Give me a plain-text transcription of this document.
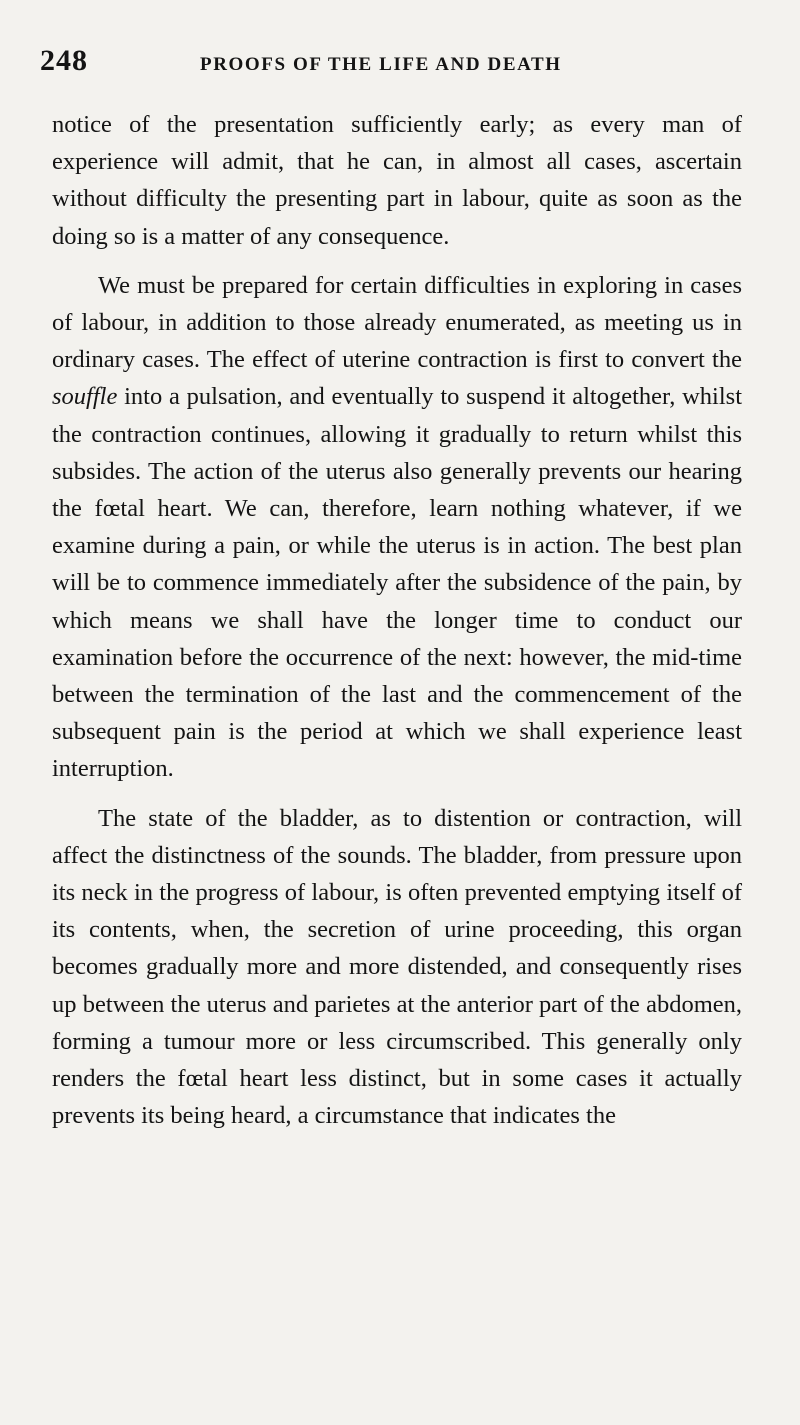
248	PROOFS OF THE LIFE AND DEATH

notice of the presentation sufficiently early; as every man of experience will admit, that he can, in almost all cases, ascertain without difficulty the presenting part in labour, quite as soon as the doing so is a matter of any consequence.

We must be prepared for certain difficulties in exploring in cases of labour, in addition to those already enumerated, as meeting us in ordinary cases. The effect of uterine contraction is first to convert the souffle into a pulsation, and eventually to suspend it altogether, whilst the contraction continues, allowing it gradually to return whilst this subsides. The action of the uterus also generally prevents our hearing the fœtal heart. We can, therefore, learn nothing whatever, if we examine during a pain, or while the uterus is in action. The best plan will be to commence immediately after the subsidence of the pain, by which means we shall have the longer time to conduct our examination before the occurrence of the next: however, the mid-time between the termination of the last and the commencement of the subsequent pain is the period at which we shall experience least interruption.

The state of the bladder, as to distention or contraction, will affect the distinctness of the sounds. The bladder, from pressure upon its neck in the progress of labour, is often prevented emptying itself of its contents, when, the secretion of urine proceeding, this organ becomes gradually more and more distended, and consequently rises up between the uterus and parietes at the anterior part of the abdomen, forming a tumour more or less circumscribed. This generally only renders the fœtal heart less distinct, but in some cases it actually prevents its being heard, a circumstance that indicates the
